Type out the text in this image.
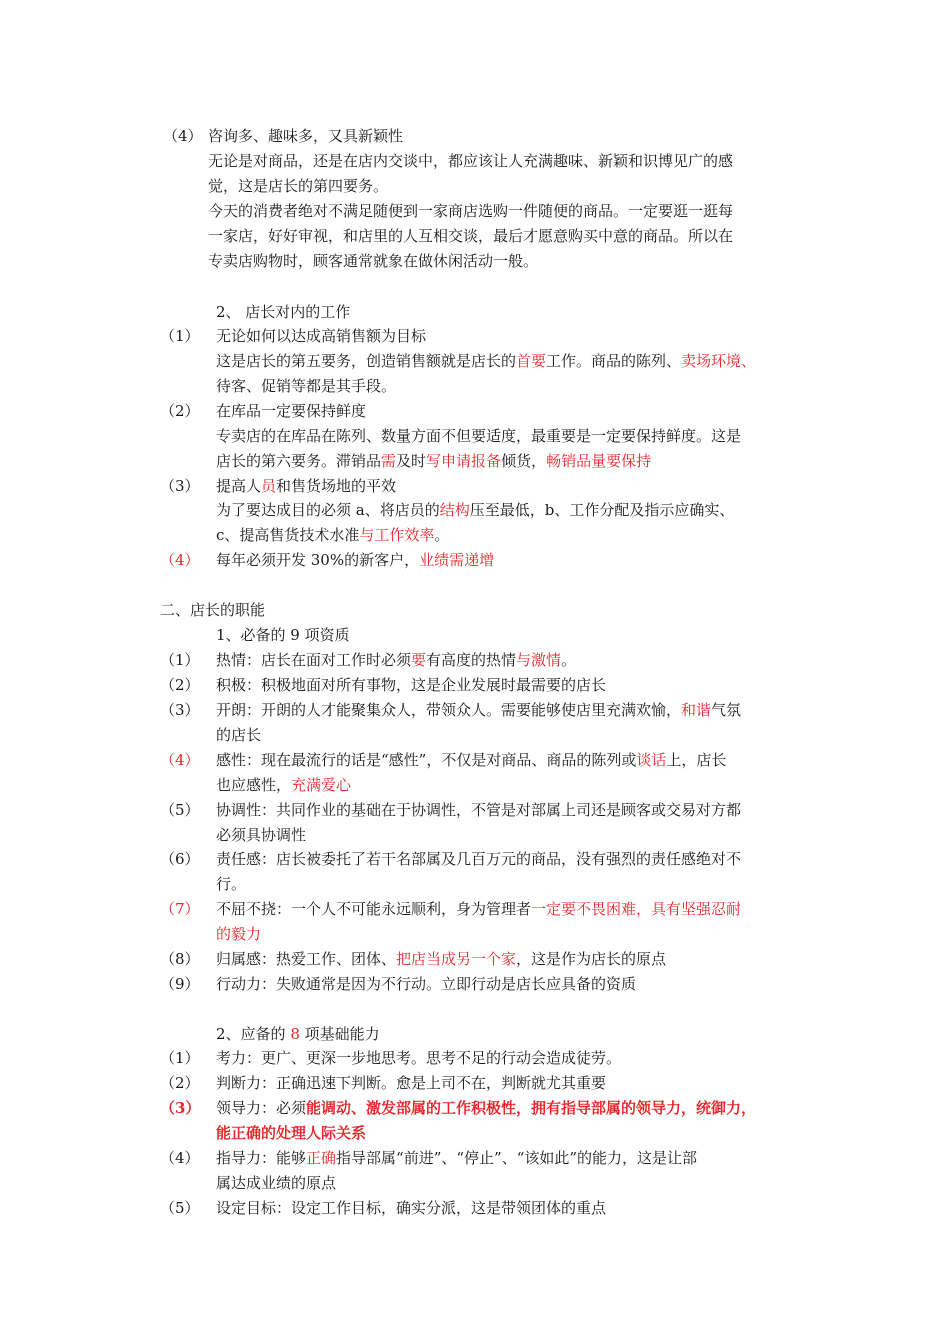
（4） 咨询多、趣味多，又具新颖性
无论是对商品，还是在店内交谈中，都应该让人充满趣味、新颖和识博见广的感
觉，这是店长的第四要务。
今天的消费者绝对不满足随便到一家商店选购一件随便的商品。一定要逛一逛每
一家店，好好审视，和店里的人互相交谈，最后才愿意购买中意的商品。所以在
专卖店购物时，顾客通常就象在做休闲活动一般。
2、 店长对内的工作
（1） 无论如何以达成高销售额为目标
这是店长的第五要务，创造销售额就是店长的首要工作。商品的陈列、卖场环境、
待客、促销等都是其手段。
（2） 在库品一定要保持鲜度
专卖店的在库品在陈列、数量方面不但要适度，最重要是一定要保持鲜度。这是
店长的第六要务。滞销品需及时写申请报备倾货，畅销品量要保持
（3） 提高人员和售货场地的平效
为了要达成目的必须 a、将店员的结构压至最低，b、工作分配及指示应确实、
c、提高售货技术水准与工作效率。
（4） 每年必须开发 30%的新客户，业绩需递增
二、店长的职能
1、必备的 9 项资质
（1） 热情：店长在面对工作时必须要有高度的热情与激情。
（2） 积极：积极地面对所有事物，这是企业发展时最需要的店长
（3） 开朗：开朗的人才能聚集众人，带领众人。需要能够使店里充满欢愉，和谐气氛
的店长
（4） 感性：现在最流行的话是“感性”，不仅是对商品、商品的陈列或谈话上，店长
也应感性，充满爱心
（5） 协调性：共同作业的基础在于协调性，不管是对部属上司还是顾客或交易对方都
必须具协调性
（6） 责任感：店长被委托了若干名部属及几百万元的商品，没有强烈的责任感绝对不
行。
（7） 不屈不挠：一个人不可能永远顺利，身为管理者一定要不畏困难，具有坚强忍耐
的毅力
（8） 归属感：热爱工作、团体、把店当成另一个家，这是作为店长的原点
（9） 行动力：失败通常是因为不行动。立即行动是店长应具备的资质
2、应备的 8 项基础能力
（1） 考力：更广、更深一步地思考。思考不足的行动会造成徒劳。
（2） 判断力：正确迅速下判断。愈是上司不在，判断就尤其重要
（3） 领导力：必须能调动、激发部属的工作积极性，拥有指导部属的领导力，统御力，
能正确的处理人际关系
（4） 指导力：能够正确指导部属“前进”、“停止”、“该如此”的能力，这是让部
属达成业绩的原点
（5） 设定目标：设定工作目标，确实分派，这是带领团体的重点
